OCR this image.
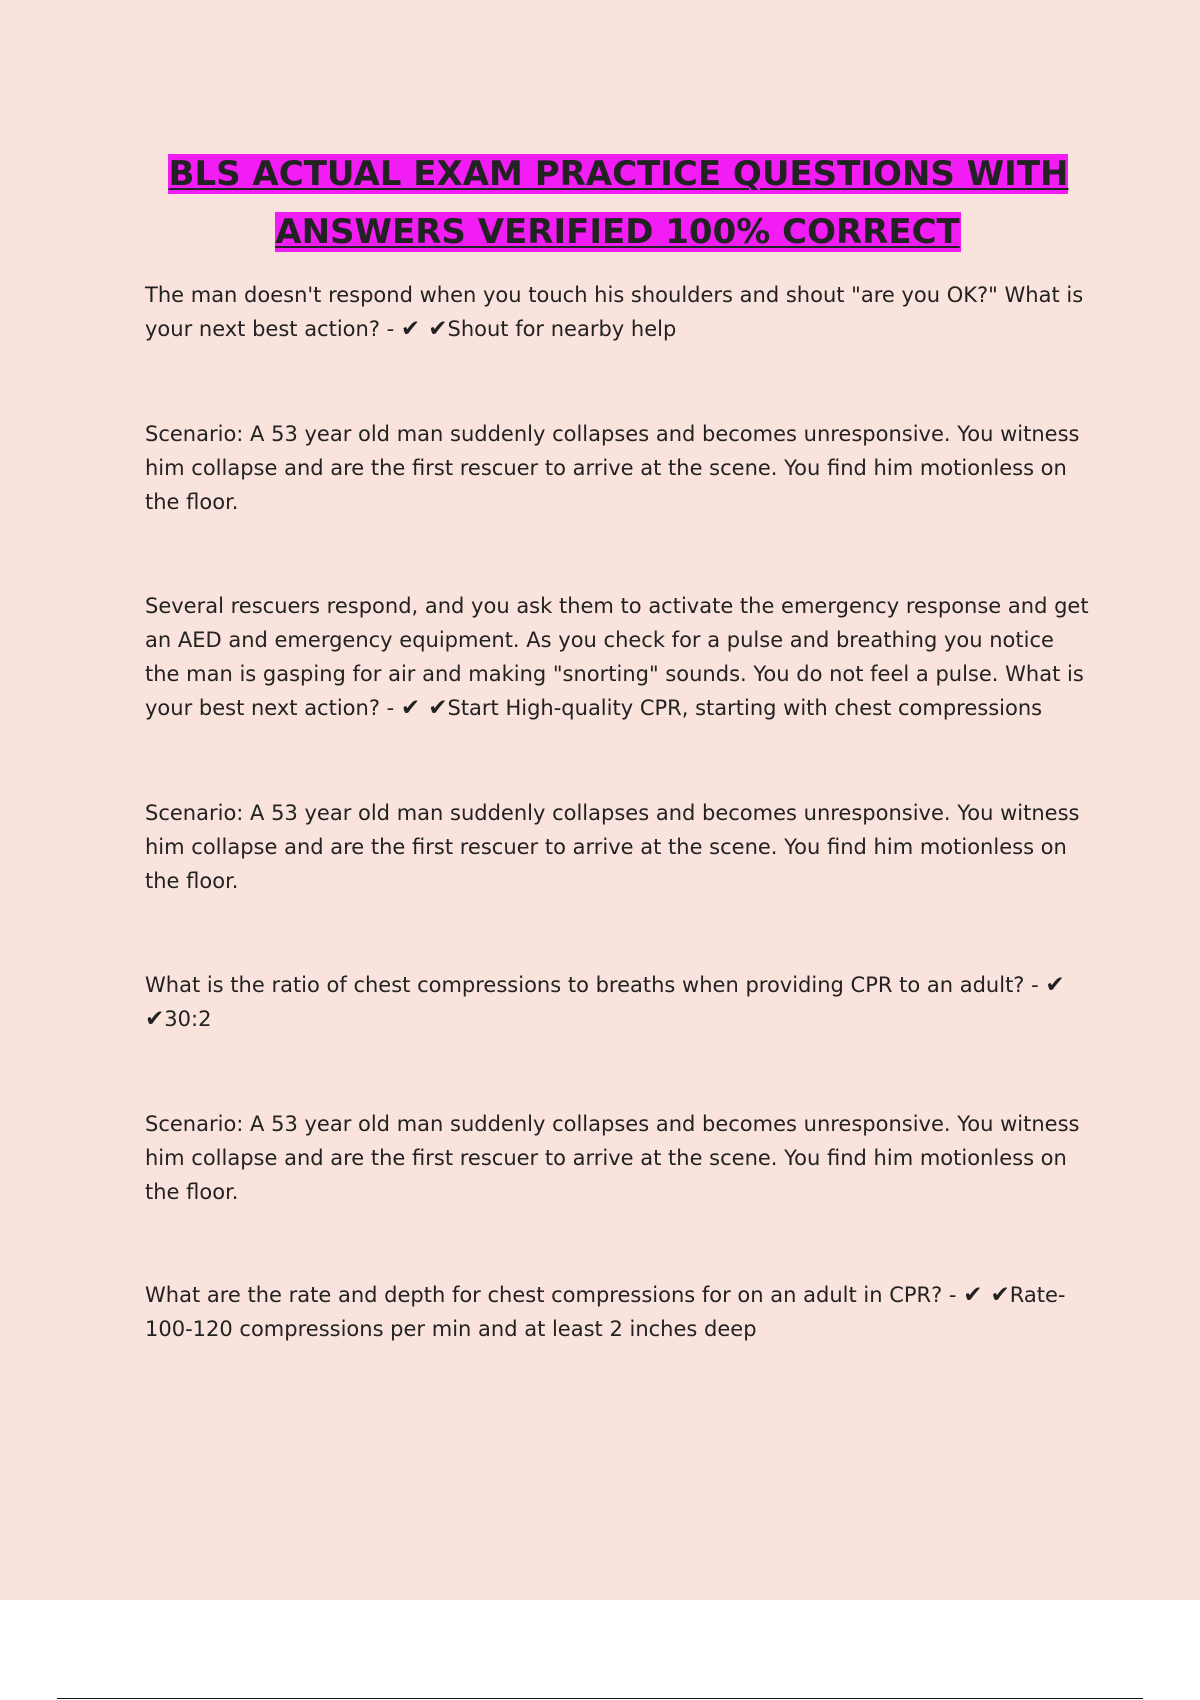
BLS ACTUAL EXAM PRACTICE QUESTIONS WITH ANSWERS VERIFIED 100% CORRECT
The man doesn't respond when you touch his shoulders and shout "are you OK?" What is your next best action? - ✔ ✔Shout for nearby help
Scenario: A 53 year old man suddenly collapses and becomes unresponsive. You witness him collapse and are the first rescuer to arrive at the scene. You find him motionless on the floor.
Several rescuers respond, and you ask them to activate the emergency response and get an AED and emergency equipment. As you check for a pulse and breathing you notice the man is gasping for air and making "snorting" sounds. You do not feel a pulse. What is your best next action? - ✔ ✔Start High-quality CPR, starting with chest compressions
Scenario: A 53 year old man suddenly collapses and becomes unresponsive. You witness him collapse and are the first rescuer to arrive at the scene. You find him motionless on the floor.
What is the ratio of chest compressions to breaths when providing CPR to an adult? - ✔ ✔30:2
Scenario: A 53 year old man suddenly collapses and becomes unresponsive. You witness him collapse and are the first rescuer to arrive at the scene. You find him motionless on the floor.
What are the rate and depth for chest compressions for on an adult in CPR? - ✔ ✔Rate- 100-120 compressions per min and at least 2 inches deep
